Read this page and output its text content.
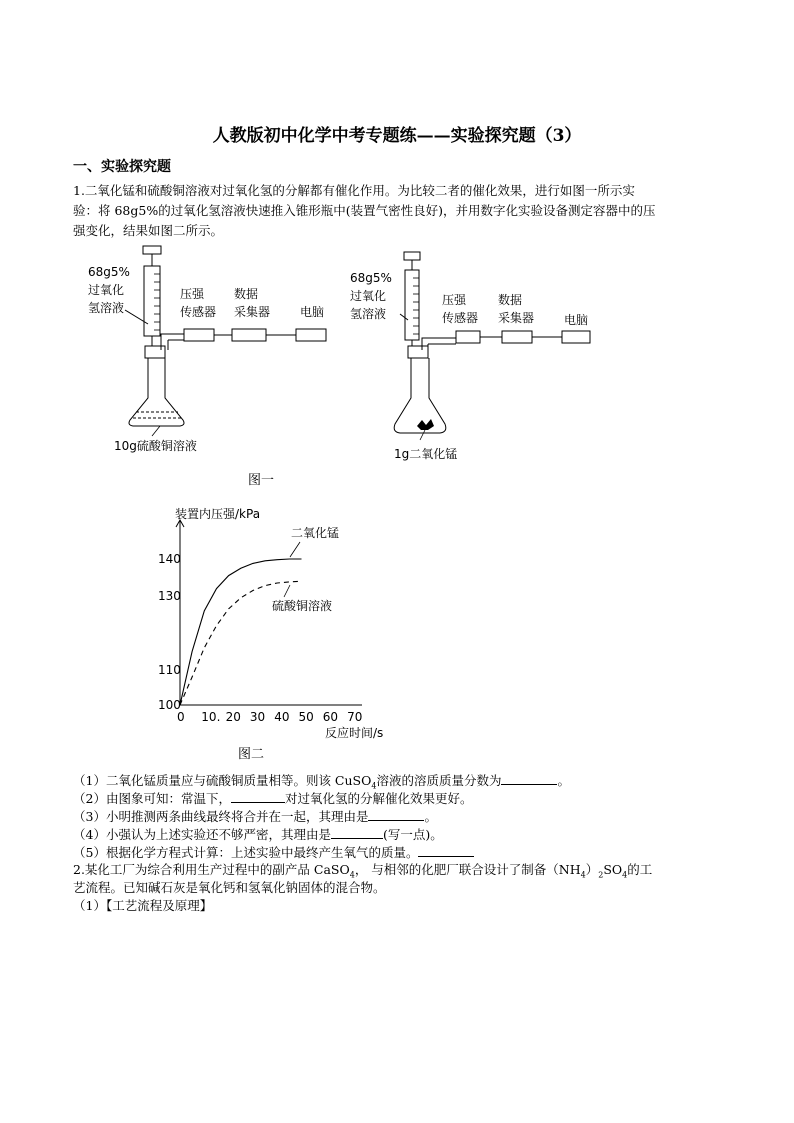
人教版初中化学中考专题练——实验探究题（3）
一、实验探究题
1.二氧化锰和硫酸铜溶液对过氧化氢的分解都有催化作用。为比较二者的催化效果，进行如图一所示实
验：将 68g5%的过氧化氢溶液快速推入锥形瓶中(装置气密性良好)，并用数字化实验设备测定容器中的压
强变化，结果如图二所示。
68g5%
过氧化
氢溶液
压强
传感器
数据
采集器 电脑
10g硫酸铜溶液
68g5%
过氧化
氢溶液
压强
传感器
数据
采集器 电脑
1g二氧化锰
图一
100
110
130
140
0 10. 20 30 40 50 60 70
装置内压强/kPa
反应时间/s
二氧化锰
硫酸铜溶液
图二
（1）二氧化锰质量应与硫酸铜质量相等。则该 CuSO$_4$溶液的溶质质量分数为	。
（2）由图象可知：常温下，	对过氧化氢的分解催化效果更好。
（3）小明推测两条曲线最终将合并在一起，其理由是	。
（4）小强认为上述实验还不够严密，其理由是	(写一点)。
（5）根据化学方程式计算：上述实验中最终产生氧气的质量。
2.某化工厂为综合利用生产过程中的副产品 CaSO$_4$， 与相邻的化肥厂联合设计了制备$(NH_4)_2SO_4$的工
艺流程。已知碱石灰是氧化钙和氢氧化钠固体的混合物。
（1）【工艺流程及原理】
